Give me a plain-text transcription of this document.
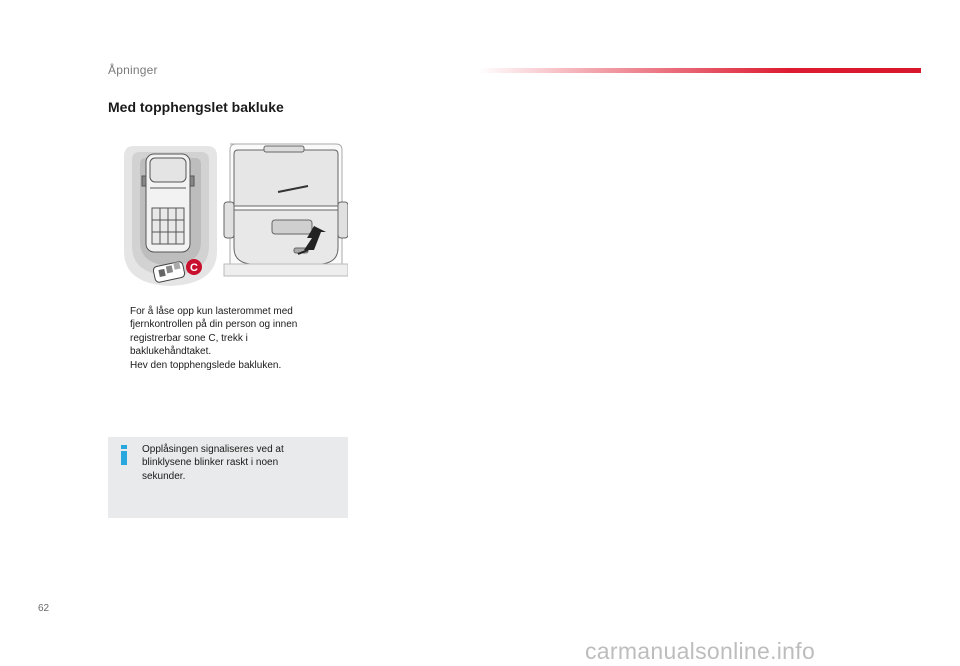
Åpninger
Med topphengslet bakluke
C
For å låse opp kun lasterommet med fjernkontrollen på din person og innen registrerbar sone C, trekk i baklukehåndtaket.
Hev den topphengslede bakluken.

Opplåsingen signaliseres ved at blinklysene blinker raskt i noen sekunder.

62
carmanualsonline.info
